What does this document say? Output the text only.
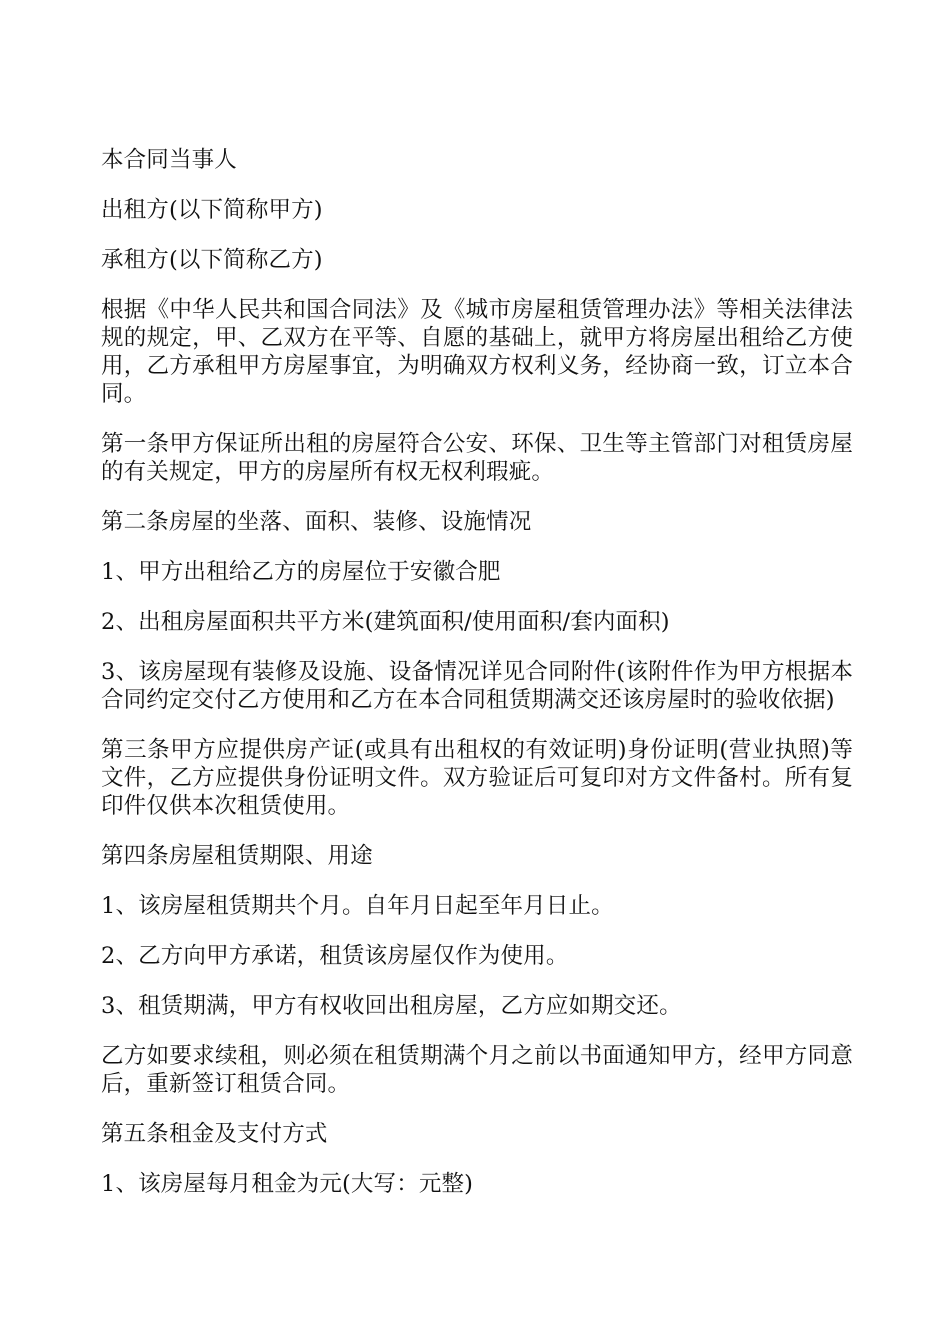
本合同当事人

出租方(以下简称甲方)

承租方(以下简称乙方)

根据《中华人民共和国合同法》及《城市房屋租赁管理办法》等相关法律法规的规定，甲、乙双方在平等、自愿的基础上，就甲方将房屋出租给乙方使用，乙方承租甲方房屋事宜，为明确双方权利义务，经协商一致，订立本合同。

第一条甲方保证所出租的房屋符合公安、环保、卫生等主管部门对租赁房屋的有关规定，甲方的房屋所有权无权利瑕疵。

第二条房屋的坐落、面积、装修、设施情况

1、甲方出租给乙方的房屋位于安徽合肥

2、出租房屋面积共平方米(建筑面积/使用面积/套内面积)

3、该房屋现有装修及设施、设备情况详见合同附件(该附件作为甲方根据本合同约定交付乙方使用和乙方在本合同租赁期满交还该房屋时的验收依据)

第三条甲方应提供房产证(或具有出租权的有效证明)身份证明(营业执照)等文件，乙方应提供身份证明文件。双方验证后可复印对方文件备村。所有复印件仅供本次租赁使用。

第四条房屋租赁期限、用途

1、该房屋租赁期共个月。自年月日起至年月日止。

2、乙方向甲方承诺，租赁该房屋仅作为使用。

3、租赁期满，甲方有权收回出租房屋，乙方应如期交还。

乙方如要求续租，则必须在租赁期满个月之前以书面通知甲方，经甲方同意后，重新签订租赁合同。

第五条租金及支付方式

1、该房屋每月租金为元(大写：元整)
